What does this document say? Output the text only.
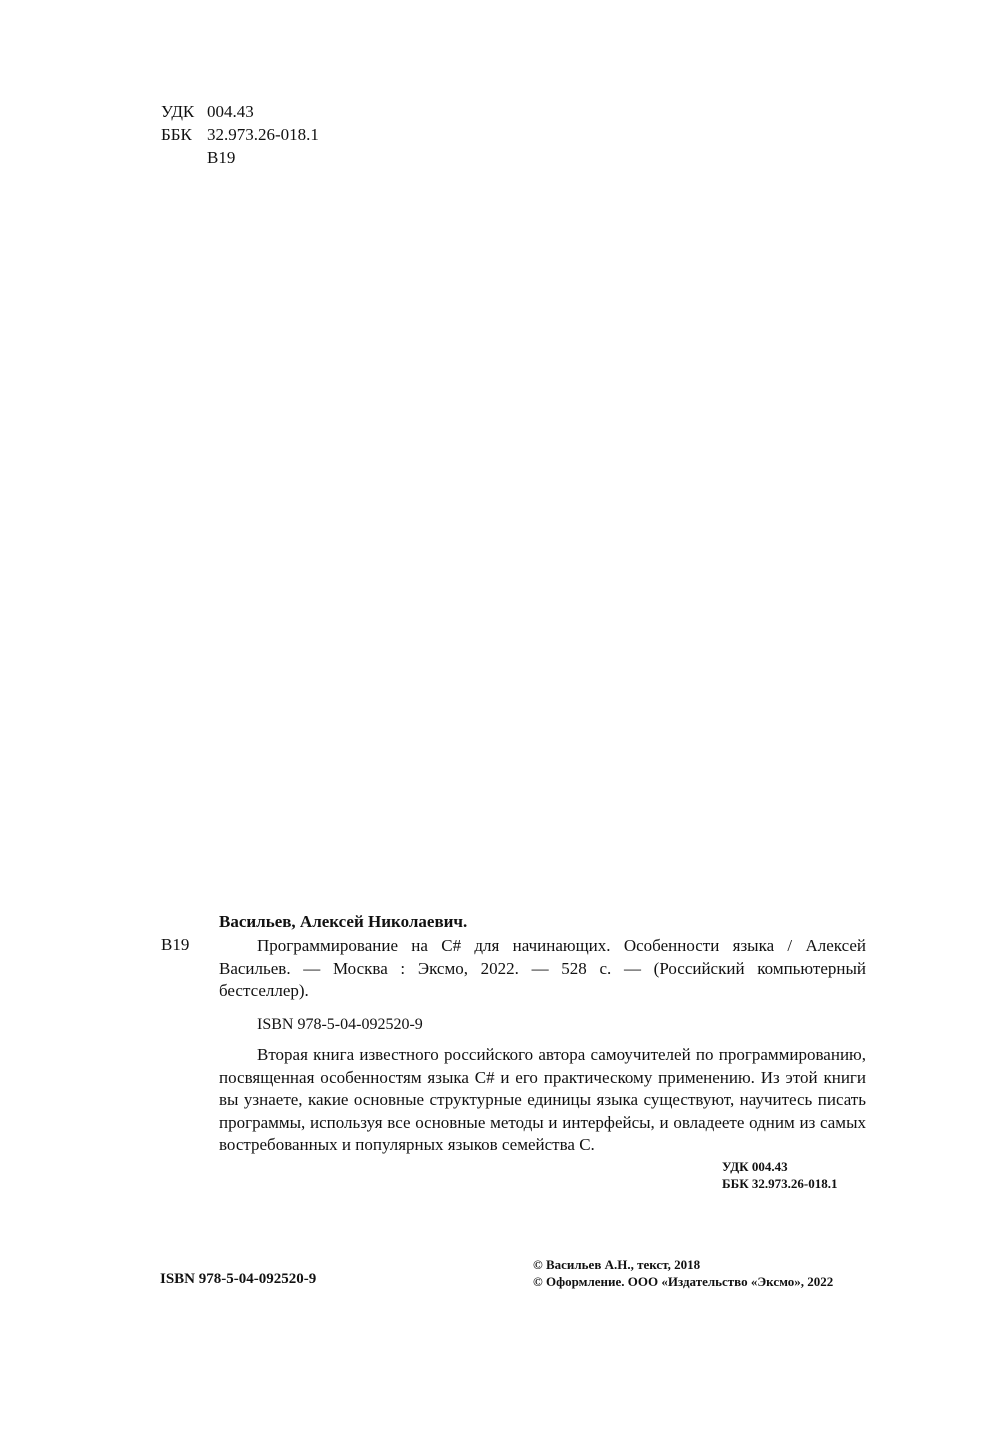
УДК 004.43
ББК 32.973.26-018.1
В19
Васильев, Алексей Николаевич.
В19	Программирование на C# для начинающих. Особенности языка / Алексей Васильев. — Москва : Эксмо, 2022. — 528 с. — (Российский компьютерный бестселлер).
ISBN 978-5-04-092520-9
Вторая книга известного российского автора самоучителей по программированию, посвященная особенностям языка C# и его практическому применению. Из этой книги вы узнаете, какие основные структурные единицы языка существуют, научитесь писать программы, используя все основные методы и интерфейсы, и овладеете одним из самых востребованных и популярных языков семейства C.
УДК 004.43
ББК 32.973.26-018.1
ISBN 978-5-04-092520-9
© Васильев А.Н., текст, 2018
© Оформление. ООО «Издательство «Эксмо», 2022
